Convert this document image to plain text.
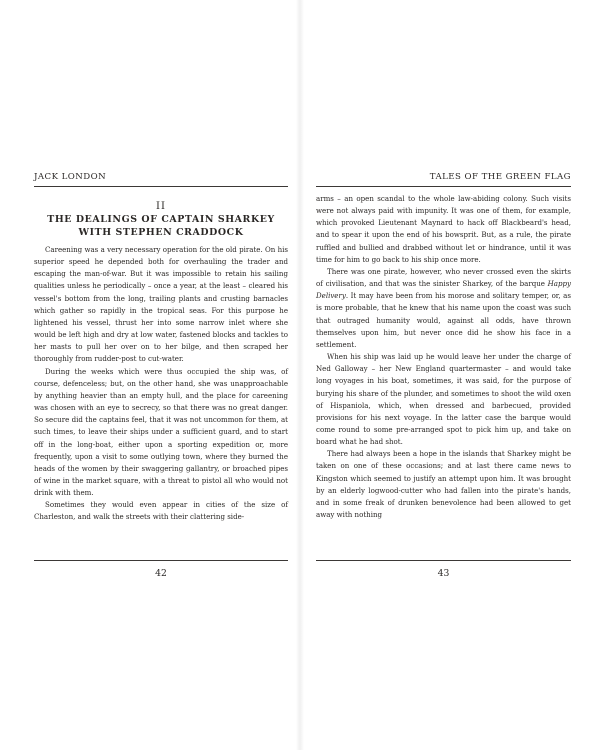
JACK LONDON
II
THE DEALINGS OF CAPTAIN SHARKEY
WITH STEPHEN CRADDOCK

Careening was a very necessary operation for the old pirate. On his superior speed he depended both for overhauling the trader and escaping the man-of-war. But it was impossible to retain his sailing qualities unless he periodically – once a year, at the least – cleared his vessel's bottom from the long, trailing plants and crusting barnacles which gather so rapidly in the tropical seas. For this purpose he lightened his vessel, thrust her into some narrow inlet where she would be left high and dry at low water, fastened blocks and tackles to her masts to pull her over on to her bilge, and then scraped her thoroughly from rudder-post to cut-water.

During the weeks which were thus occupied the ship was, of course, defenceless; but, on the other hand, she was unapproachable by anything heavier than an empty hull, and the place for careening was chosen with an eye to secrecy, so that there was no great danger. So secure did the captains feel, that it was not uncommon for them, at such times, to leave their ships under a sufficient guard, and to start off in the long-boat, either upon a sporting expedition or, more frequently, upon a visit to some outlying town, where they burned the heads of the women by their swaggering gallantry, or broached pipes of wine in the market square, with a threat to pistol all who would not drink with them.

Sometimes they would even appear in cities of the size of Charleston, and walk the streets with their clattering side-

42
TALES OF THE GREEN FLAG

arms – an open scandal to the whole law-abiding colony. Such visits were not always paid with impunity. It was one of them, for example, which provoked Lieutenant Maynard to hack off Blackbeard's head, and to spear it upon the end of his bowsprit. But, as a rule, the pirate ruffled and bullied and drabbed without let or hindrance, until it was time for him to go back to his ship once more.

There was one pirate, however, who never crossed even the skirts of civilisation, and that was the sinister Sharkey, of the barque Happy Delivery. It may have been from his morose and solitary temper, or, as is more probable, that he knew that his name upon the coast was such that outraged humanity would, against all odds, have thrown themselves upon him, but never once did he show his face in a settlement.

When his ship was laid up he would leave her under the charge of Ned Galloway – her New England quartermaster – and would take long voyages in his boat, sometimes, it was said, for the purpose of burying his share of the plunder, and sometimes to shoot the wild oxen of Hispaniola, which, when dressed and barbecued, provided provisions for his next voyage. In the latter case the barque would come round to some pre-arranged spot to pick him up, and take on board what he had shot.

There had always been a hope in the islands that Sharkey might be taken on one of these occasions; and at last there came news to Kingston which seemed to justify an attempt upon him. It was brought by an elderly logwood-cutter who had fallen into the pirate's hands, and in some freak of drunken benevolence had been allowed to get away with nothing

43
